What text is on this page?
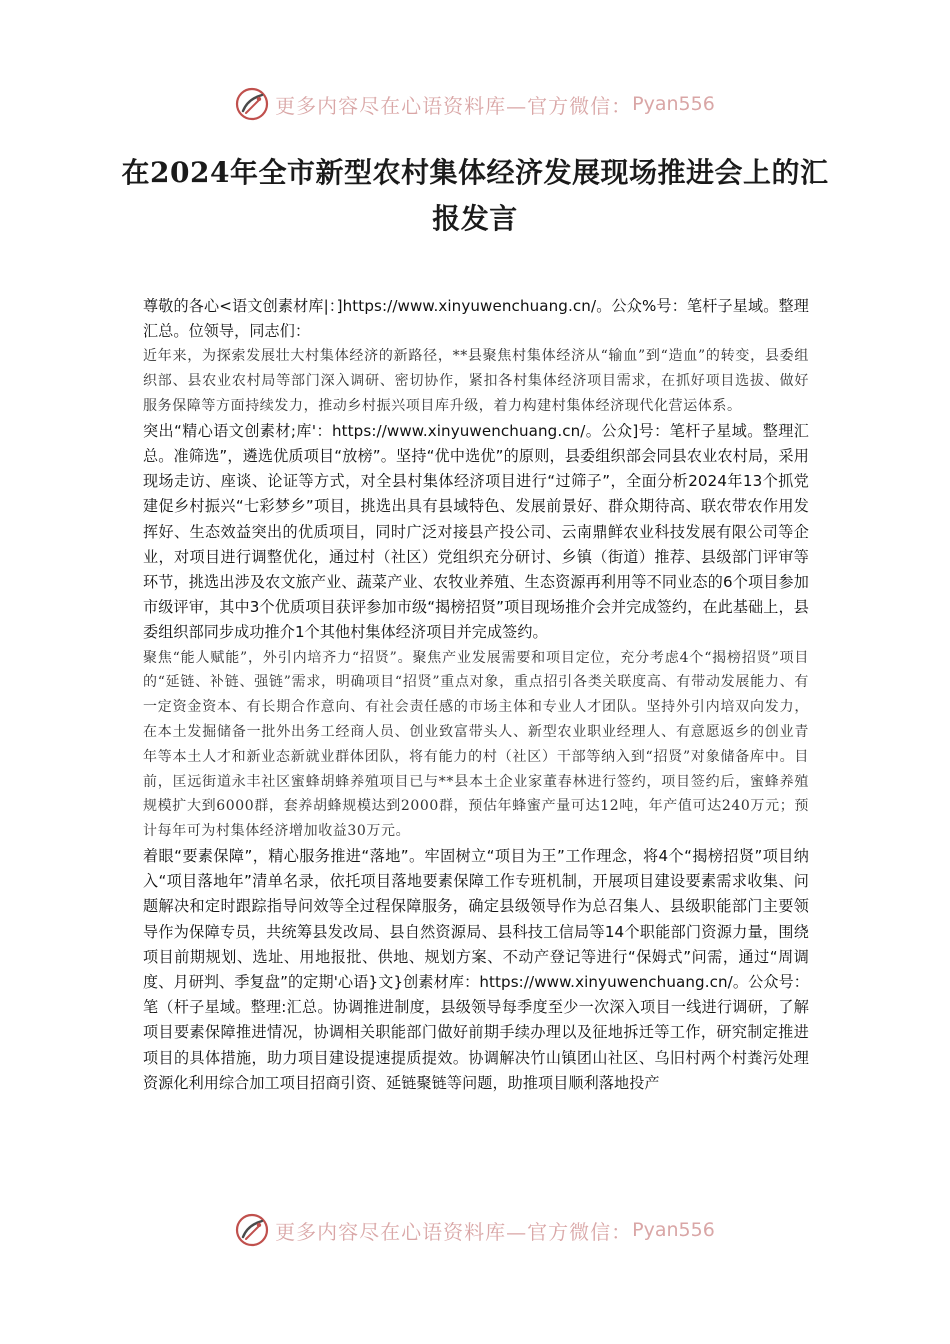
更多内容尽在心语资料库—官方微信： Pyan556
在2024年全市新型农村集体经济发展现场推进会上的汇报发言

尊敬的各心<语文创素材库|：]https://www.xinyuwenchuang.cn/。公众%号：笔杆子星域。整理汇总。位领导，同志们：

近年来，为探索发展壮大村集体经济的新路径，**县聚焦村集体经济从“输血”到“造血”的转变，县委组织部、县农业农村局等部门深入调研、密切协作，紧扣各村集体经济项目需求，在抓好项目选拔、做好服务保障等方面持续发力，推动乡村振兴项目库升级，着力构建村集体经济现代化营运体系。

突出“精心语文创素材;库'：https://www.xinyuwenchuang.cn/。公众]号：笔杆子星域。整理汇总。准筛选”，遴选优质项目“放榜”。坚持“优中选优”的原则，县委组织部会同县农业农村局，采用现场走访、座谈、论证等方式，对全县村集体经济项目进行“过筛子”，全面分析2024年13个抓党建促乡村振兴“七彩梦乡”项目，挑选出具有县域特色、发展前景好、群众期待高、联农带农作用发挥好、生态效益突出的优质项目，同时广泛对接县产投公司、云南鼎鲜农业科技发展有限公司等企业，对项目进行调整优化，通过村（社区）党组织充分研讨、乡镇（街道）推荐、县级部门评审等环节，挑选出涉及农文旅产业、蔬菜产业、农牧业养殖、生态资源再利用等不同业态的6个项目参加市级评审，其中3个优质项目获评参加市级“揭榜招贤”项目现场推介会并完成签约，在此基础上，县委组织部同步成功推介1个其他村集体经济项目并完成签约。

聚焦“能人赋能”，外引内培齐力“招贤”。聚焦产业发展需要和项目定位，充分考虑4个“揭榜招贤”项目的“延链、补链、强链”需求，明确项目“招贤”重点对象，重点招引各类关联度高、有带动发展能力、有一定资金资本、有长期合作意向、有社会责任感的市场主体和专业人才团队。坚持外引内培双向发力，在本土发掘储备一批外出务工经商人员、创业致富带头人、新型农业职业经理人、有意愿返乡的创业青年等本土人才和新业态新就业群体团队，将有能力的村（社区）干部等纳入到“招贤”对象储备库中。目前，匡远街道永丰社区蜜蜂胡蜂养殖项目已与**县本土企业家董春林进行签约，项目签约后，蜜蜂养殖规模扩大到6000群，套养胡蜂规模达到2000群，预估年蜂蜜产量可达12吨，年产值可达240万元；预计每年可为村集体经济增加收益30万元。

着眼“要素保障”，精心服务推进“落地”。牢固树立“项目为王”工作理念，将4个“揭榜招贤”项目纳入“项目落地年”清单名录，依托项目落地要素保障工作专班机制，开展项目建设要素需求收集、问题解决和定时跟踪指导问效等全过程保障服务，确定县级领导作为总召集人、县级职能部门主要领导作为保障专员，共统筹县发改局、县自然资源局、县科技工信局等14个职能部门资源力量，围绕项目前期规划、选址、用地报批、供地、规划方案、不动产登记等进行“保姆式”问需，通过“周调度、月研判、季复盘”的定期'心语}文}创素材库：https://www.xinyuwenchuang.cn/。公众号：笔（杆子星域。整理:汇总。协调推进制度，县级领导每季度至少一次深入项目一线进行调研，了解项目要素保障推进情况，协调相关职能部门做好前期手续办理以及征地拆迁等工作，研究制定推进项目的具体措施，助力项目建设提速提质提效。协调解决竹山镇团山社区、乌旧村两个村粪污处理资源化利用综合加工项目招商引资、延链聚链等问题，助推项目顺利落地投产

更多内容尽在心语资料库—官方微信： Pyan556
